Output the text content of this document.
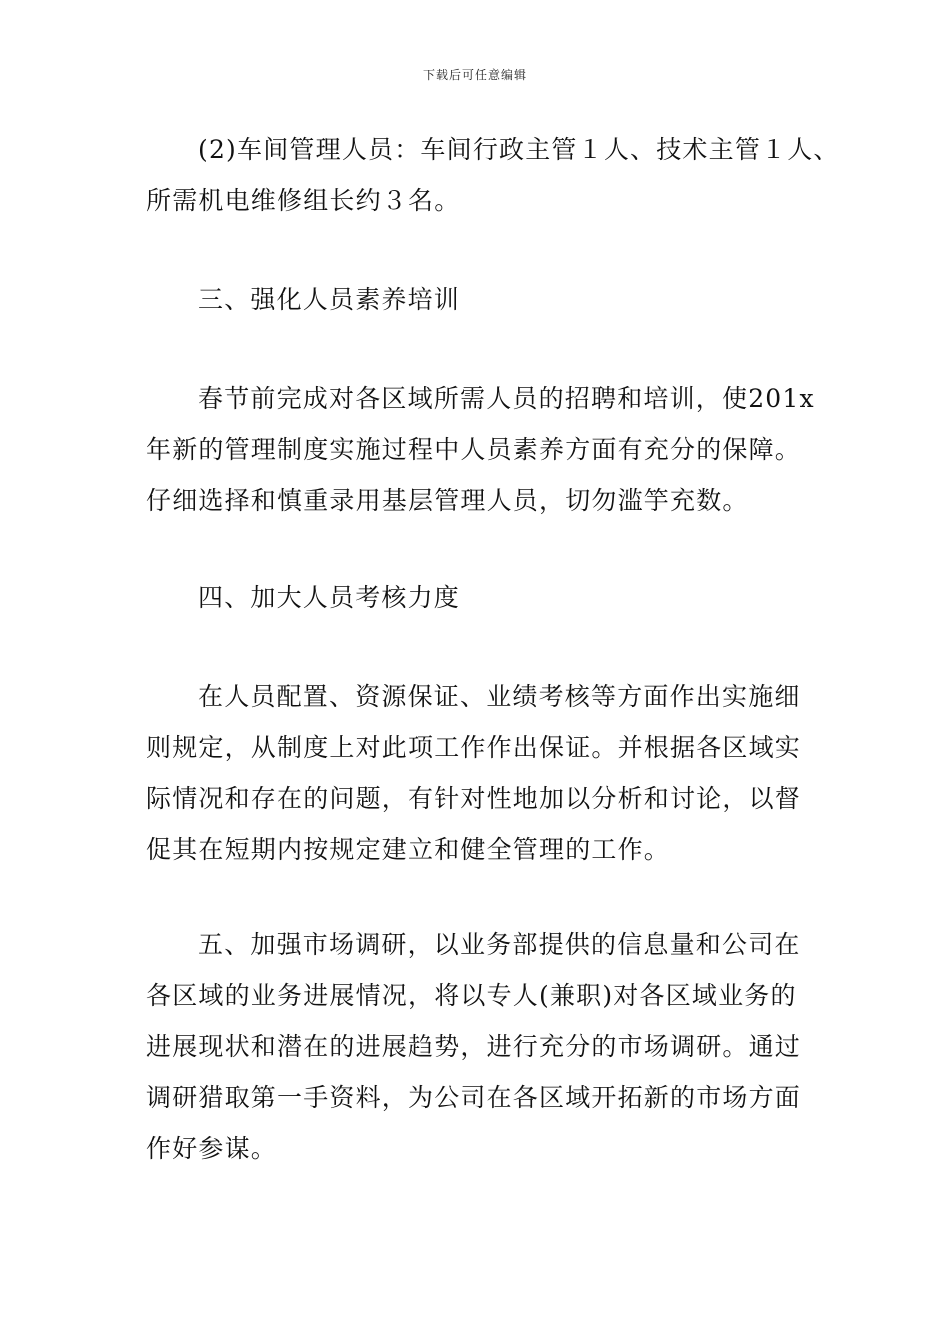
下载后可任意编辑
(2)车间管理人员：车间行政主管１人、技术主管１人、
所需机电维修组长约３名。
三、强化人员素养培训
春节前完成对各区域所需人员的招聘和培训，使201x
年新的管理制度实施过程中人员素养方面有充分的保障。
仔细选择和慎重录用基层管理人员，切勿滥竽充数。
四、加大人员考核力度
在人员配置、资源保证、业绩考核等方面作出实施细
则规定，从制度上对此项工作作出保证。并根据各区域实
际情况和存在的问题，有针对性地加以分析和讨论，以督
促其在短期内按规定建立和健全管理的工作。
五、加强市场调研，以业务部提供的信息量和公司在
各区域的业务进展情况，将以专人(兼职)对各区域业务的
进展现状和潜在的进展趋势，进行充分的市场调研。通过
调研猎取第一手资料，为公司在各区域开拓新的市场方面
作好参谋。
